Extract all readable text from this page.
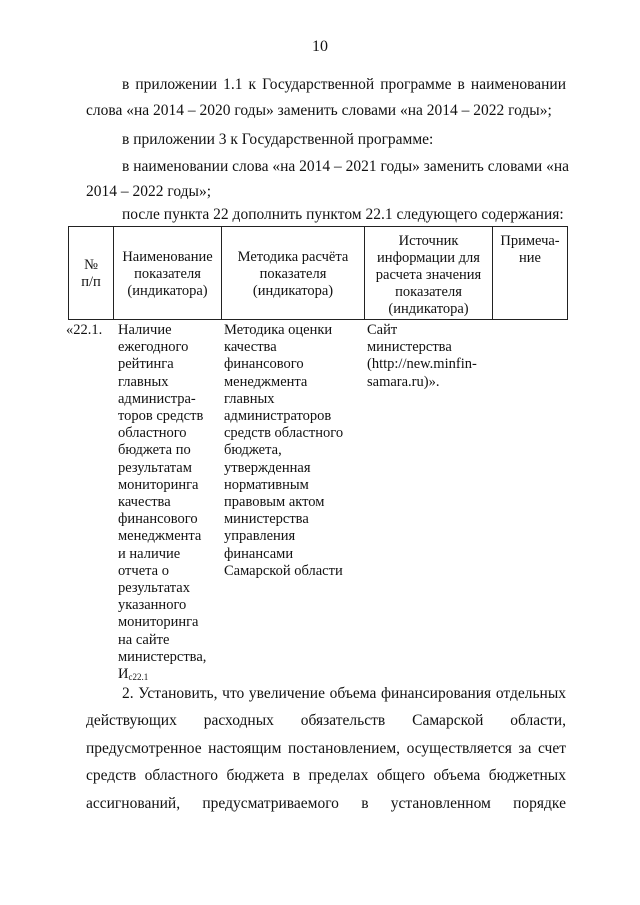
10
в приложении 1.1 к Государственной программе в наименовании
слова «на 2014 – 2020 годы» заменить словами «на 2014 – 2022 годы»;
в приложении 3 к Государственной программе:
в наименовании слова «на 2014 – 2021 годы» заменить словами «на
2014 – 2022 годы»;
после пункта 22 дополнить пунктом 22.1 следующего содержания:
№
п/п
Наименование
показателя
(индикатора)
Методика расчёта
показателя
(индикатора)
Источник
информации для
расчета значения
показателя
(индикатора)
Примеча-
ние
«22.1. Наличие
ежегодного
рейтинга
главных
администра-
торов средств
областного
бюджета по
результатам
мониторинга
качества
финансового
менеджмента
и наличие
отчета о
результатах
указанного
мониторинга
на сайте
министерства,
$И_{c22.1}$
Методика оценки
качества
финансового
менеджмента
главных
администраторов
средств областного
бюджета,
утвержденная
нормативным
правовым актом
министерства
управления
финансами
Самарской области
Сайт
министерства
(http://new.minfin-
samara.ru)».
2. Установить, что увеличение объема финансирования отдельных
действующих расходных обязательств Самарской области,
предусмотренное настоящим постановлением, осуществляется за счет
средств областного бюджета в пределах общего объема бюджетных
ассигнований, предусматриваемого в установленном порядке
